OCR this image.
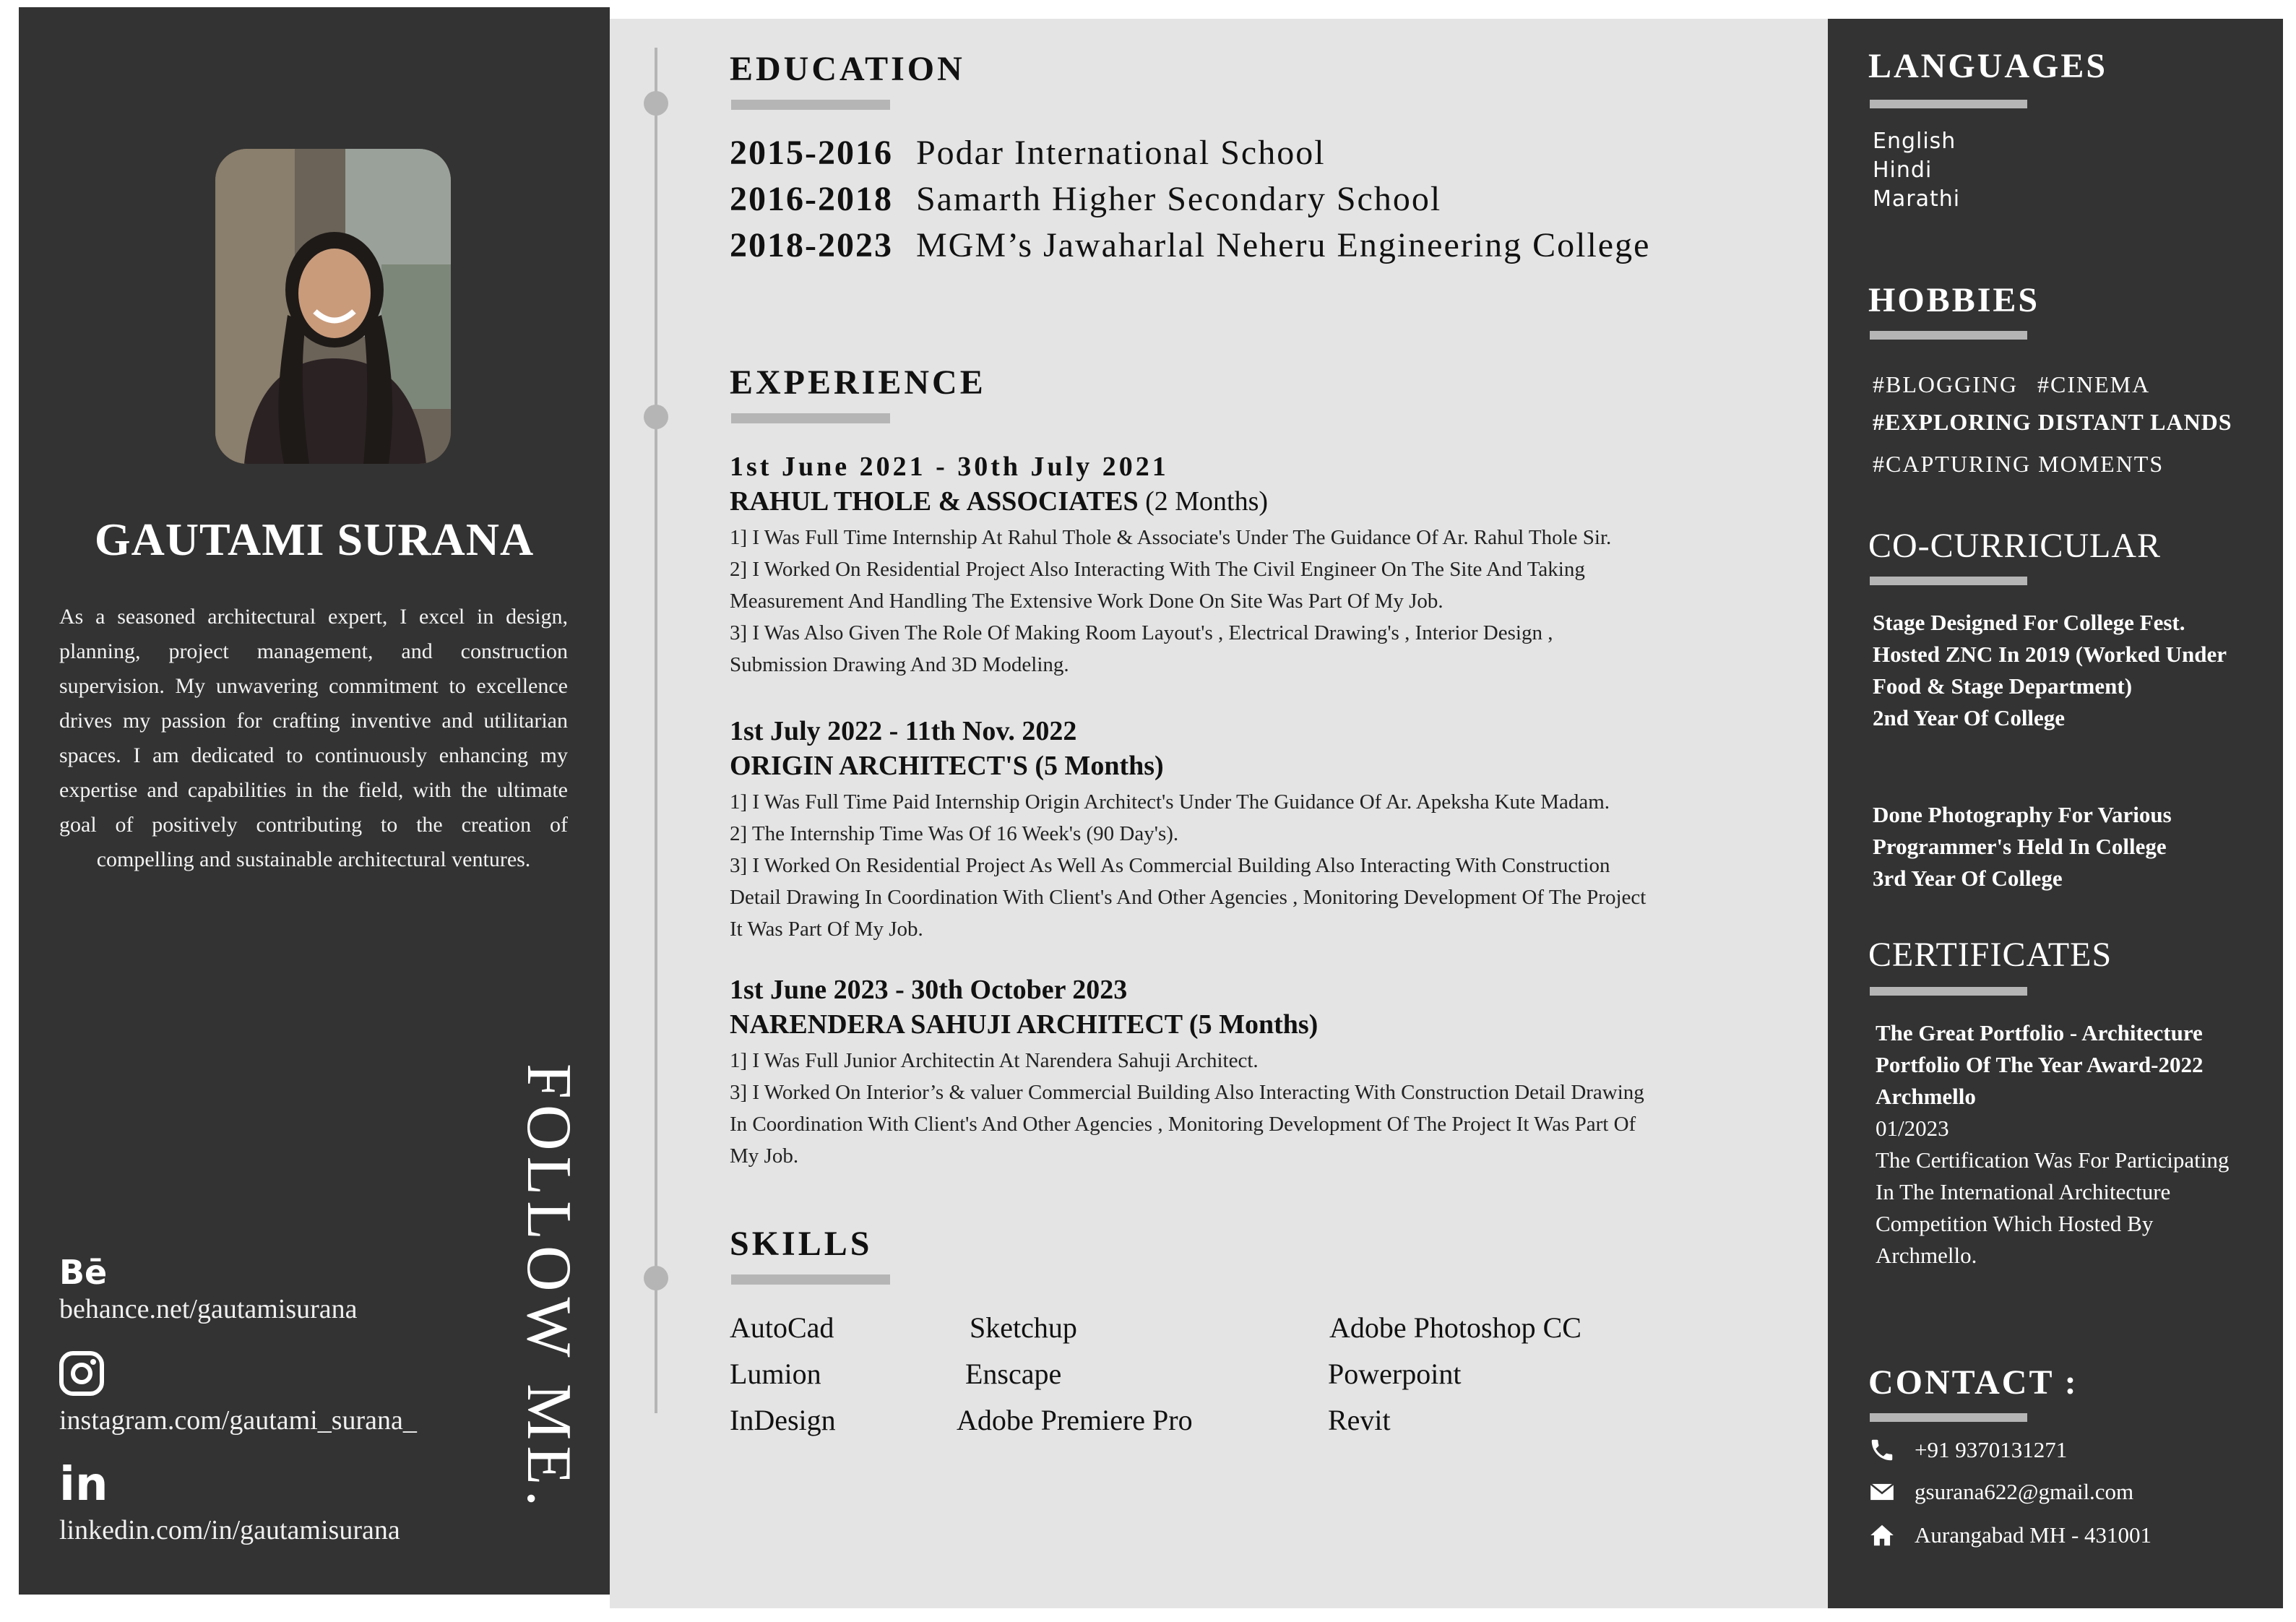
GAUTAMI SURANA
As a seasoned architectural expert, I excel in design, planning, project management, and construction supervision. My unwavering commitment to excellence drives my passion for crafting inventive and utilitarian spaces. I am dedicated to continuously enhancing my expertise and capabilities in the field, with the ultimate goal of positively contributing to the creation of compelling and sustainable architectural ventures.
FOLLOW ME.
Bē
behance.net/gautamisurana
instagram.com/gautami_surana_
in
linkedin.com/in/gautamisurana
EDUCATION
2015-2016 Podar International School
2016-2018 Samarth Higher Secondary School
2018-2023 MGM’s Jawaharlal Neheru Engineering College
EXPERIENCE
1st June 2021 - 30th July 2021
RAHUL THOLE & ASSOCIATES (2 Months)
1] I Was Full Time Internship At Rahul Thole & Associate's Under The Guidance Of Ar. Rahul Thole Sir.
2] I Worked On Residential Project Also Interacting With The Civil Engineer On The Site And Taking
Measurement And Handling The Extensive Work Done On Site Was Part Of My Job.
3] I Was Also Given The Role Of Making Room Layout's , Electrical Drawing's , Interior Design ,
Submission Drawing And 3D Modeling.
1st July 2022 - 11th Nov. 2022
ORIGIN ARCHITECT'S (5 Months)
1] I Was Full Time Paid Internship Origin Architect's Under The Guidance Of Ar. Apeksha Kute Madam.
2] The Internship Time Was Of 16 Week's (90 Day's).
3] I Worked On Residential Project As Well As Commercial Building Also Interacting With Construction
Detail Drawing In Coordination With Client's And Other Agencies , Monitoring Development Of The Project
It Was Part Of My Job.
1st June 2023 - 30th October 2023
NARENDERA SAHUJI ARCHITECT (5 Months)
1] I Was Full Junior Architectin At Narendera Sahuji Architect.
3] I Worked On Interior’s & valuer Commercial Building Also Interacting With Construction Detail Drawing
In Coordination With Client's And Other Agencies , Monitoring Development Of The Project It Was Part Of
My Job.
SKILLS
AutoCad	Sketchup	Adobe Photoshop CC
Lumion	Enscape	Powerpoint
InDesign	Adobe Premiere Pro	Revit
LANGUAGES
English
Hindi
Marathi
HOBBIES
#BLOGGING #CINEMA
#EXPLORING DISTANT LANDS
#CAPTURING MOMENTS
CO-CURRICULAR
Stage Designed For College Fest.
Hosted ZNC In 2019 (Worked Under
Food & Stage Department)
2nd Year Of College
Done Photography For Various
Programmer's Held In College
3rd Year Of College
CERTIFICATES
The Great Portfolio - Architecture
Portfolio Of The Year Award-2022
Archmello
01/2023
The Certification Was For Participating
In The International Architecture
Competition Which Hosted By
Archmello.
CONTACT :
+91 9370131271
gsurana622@gmail.com
Aurangabad MH - 431001
